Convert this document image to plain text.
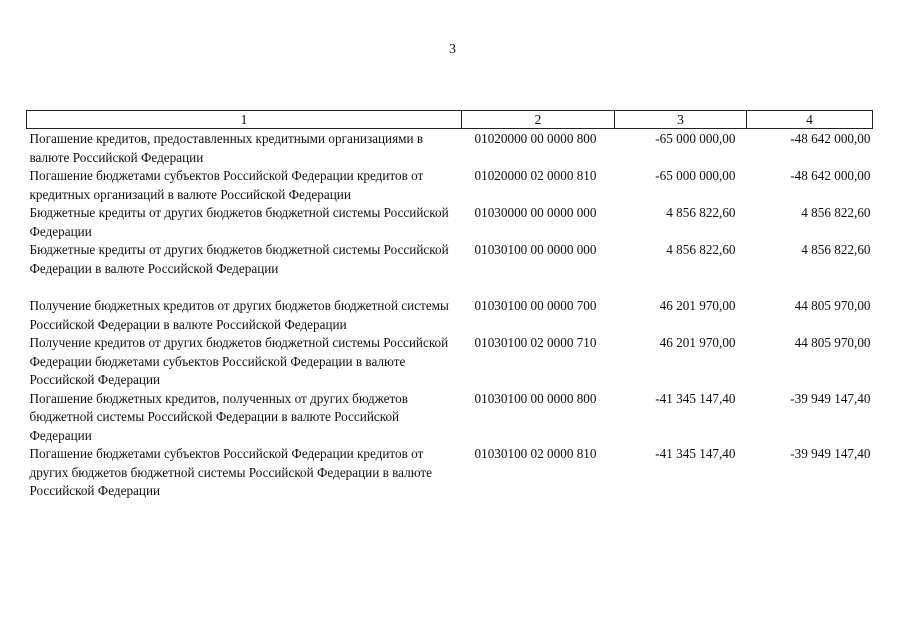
3
1	2	3	4
Погашение кредитов, предоставленных кредитными организациями в валюте Российской Федерации	01020000 00 0000 800	-65 000 000,00	-48 642 000,00
Погашение бюджетами субъектов Российской Федерации кредитов от кредитных организаций в валюте Российской Федерации	01020000 02 0000 810	-65 000 000,00	-48 642 000,00
Бюджетные кредиты от других бюджетов бюджетной системы Российской Федерации	01030000 00 0000 000	4 856 822,60	4 856 822,60
Бюджетные кредиты от других бюджетов бюджетной системы Российской Федерации в валюте Российской Федерации	01030100 00 0000 000	4 856 822,60	4 856 822,60

Получение бюджетных кредитов от других бюджетов бюджетной системы Российской Федерации в валюте Российской Федерации	01030100 00 0000 700	46 201 970,00	44 805 970,00
Получение кредитов от других бюджетов бюджетной системы Российской Федерации бюджетами субъектов Российской Федерации в валюте Российской Федерации	01030100 02 0000 710	46 201 970,00	44 805 970,00
Погашение бюджетных кредитов, полученных от других бюджетов бюджетной системы Российской Федерации в валюте Российской Федерации	01030100 00 0000 800	-41 345 147,40	-39 949 147,40
Погашение бюджетами субъектов Российской Федерации кредитов от других бюджетов бюджетной системы Российской Федерации в валюте Российской Федерации	01030100 02 0000 810	-41 345 147,40	-39 949 147,40
